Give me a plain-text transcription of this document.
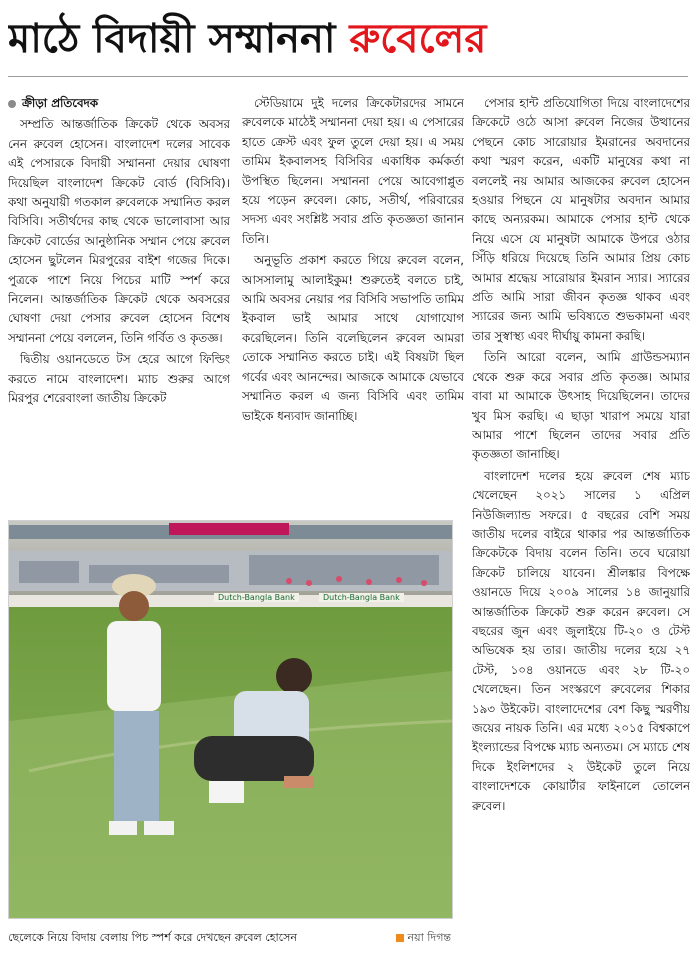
মাঠে বিদায়ী সম্মাননা রুবেলের
ক্রীড়া প্রতিবেদক

সম্প্রতি আন্তর্জাতিক ক্রিকেট থেকে অবসর নেন রুবেল হোসেন। বাংলাদেশ দলের সাবেক এই পেসারকে বিদায়ী সম্মাননা দেয়ার ঘোষণা দিয়েছিল বাংলাদেশ ক্রিকেট বোর্ড (বিসিবি)। কথা অনুযায়ী গতকাল রুবেলকে সম্মানিত করল বিসিবি। সতীর্থদের কাছ থেকে ভালোবাসা আর ক্রিকেট বোর্ডের আনুষ্ঠানিক সম্মান পেয়ে রুবেল হোসেন ছুটলেন মিরপুরের বাইশ গজের দিকে। পুত্রকে পাশে নিয়ে পিচের মাটি স্পর্শ করে নিলেন। আন্তর্জাতিক ক্রিকেট থেকে অবসরের ঘোষণা দেয়া পেসার রুবেল হোসেন বিশেষ সম্মাননা পেয়ে বললেন, তিনি গর্বিত ও কৃতজ্ঞ।

দ্বিতীয় ওয়ানডেতে টস হেরে আগে ফিল্ডিং করতে নামে বাংলাদেশ। ম্যাচ শুরুর আগে মিরপুর শেরেবাংলা জাতীয় ক্রিকেট

স্টেডিয়ামে দুই দলের ক্রিকেটারদের সামনে রুবেলকে মাঠেই সম্মাননা দেয়া হয়। এ পেসারের হাতে ক্রেস্ট এবং ফুল তুলে দেয়া হয়। এ সময় তামিম ইকবালসহ বিসিবির একাধিক কর্মকর্তা উপস্থিত ছিলেন। সম্মাননা পেয়ে আবেগাপ্লুত হয়ে পড়েন রুবেল। কোচ, সতীর্থ, পরিবারের সদস্য এবং সংশ্লিষ্ট সবার প্রতি কৃতজ্ঞতা জানান তিনি।

অনুভূতি প্রকাশ করতে গিয়ে রুবেল বলেন, আসসালামু আলাইকুম! শুরুতেই বলতে চাই, আমি অবসর নেয়ার পর বিসিবি সভাপতি তামিম ইকবাল ভাই আমার সাথে যোগাযোগ করেছিলেন। তিনি বলেছিলেন রুবেল আমরা তোকে সম্মানিত করতে চাই। এই বিষয়টা ছিল গর্বের এবং আনন্দের। আজকে আমাকে যেভাবে সম্মানিত করল এ জন্য বিসিবি এবং তামিম ভাইকে ধন্যবাদ জানাচ্ছি।

পেসার হান্ট প্রতিযোগিতা দিয়ে বাংলাদেশের ক্রিকেটে ওঠে আসা রুবেল নিজের উত্থানের পেছনে কোচ সারোয়ার ইমরানের অবদানের কথা স্মরণ করেন, একটি মানুষের কথা না বললেই নয় আমার আজকের রুবেল হোসেন হওয়ার পিছনে যে মানুষটার অবদান আমার কাছে অন্যরকম। আমাকে পেসার হান্ট থেকে নিয়ে এসে যে মানুষটা আমাকে উপরে ওঠার সিঁড়ি ধরিয়ে দিয়েছে তিনি আমার প্রিয় কোচ আমার শ্রদ্ধেয় সারোয়ার ইমরান স্যার। স্যারের প্রতি আমি সারা জীবন কৃতজ্ঞ থাকব এবং স্যারের জন্য আমি ভবিষ্যতে শুভকামনা এবং তার সুস্বাস্থ্য এবং দীর্ঘায়ু কামনা করছি।

তিনি আরো বলেন, আমি গ্রাউন্ডসম্যান থেকে শুরু করে সবার প্রতি কৃতজ্ঞ। আমার বাবা মা আমাকে উৎসাহ দিয়েছিলেন। তাদের খুব মিস করছি। এ ছাড়া খারাপ সময়ে যারা আমার পাশে ছিলেন তাদের সবার প্রতি কৃতজ্ঞতা জানাচ্ছি।

বাংলাদেশ দলের হয়ে রুবেল শেষ ম্যাচ খেলেছেন ২০২১ সালের ১ এপ্রিল নিউজিল্যান্ড সফরে। ৫ বছরের বেশি সময় জাতীয় দলের বাইরে থাকার পর আন্তর্জাতিক ক্রিকেটকে বিদায় বলেন তিনি। তবে ঘরোয়া ক্রিকেট চালিয়ে যাবেন। শ্রীলঙ্কার বিপক্ষে ওয়ানডে দিয়ে ২০০৯ সালের ১৪ জানুয়ারি আন্তর্জাতিক ক্রিকেট শুরু করেন রুবেল। সে বছরের জুন এবং জুলাইয়ে টি-২০ ও টেস্ট অভিষেক হয় তার। জাতীয় দলের হয়ে ২৭ টেস্ট, ১০৪ ওয়ানডে এবং ২৮ টি-২০ খেলেছেন। তিন সংস্করণে রুবেলের শিকার ১৯৩ উইকেট। বাংলাদেশের বেশ কিছু স্মরণীয় জয়ের নায়ক তিনি। এর মধ্যে ২০১৫ বিশ্বকাপে ইংল্যান্ডের বিপক্ষে ম্যাচ অন্যতম। সে ম্যাচে শেষ দিকে ইংলিশদের ২ উইকেট তুলে নিয়ে বাংলাদেশকে কোয়ার্টার ফাইনালে তোলেন রুবেল।

Dutch-Bangla Bank	Dutch-Bangla Bank
ছেলেকে নিয়ে বিদায় বেলায় পিচ স্পর্শ করে দেখছেন রুবেল হোসেন	নয়া দিগন্ত
